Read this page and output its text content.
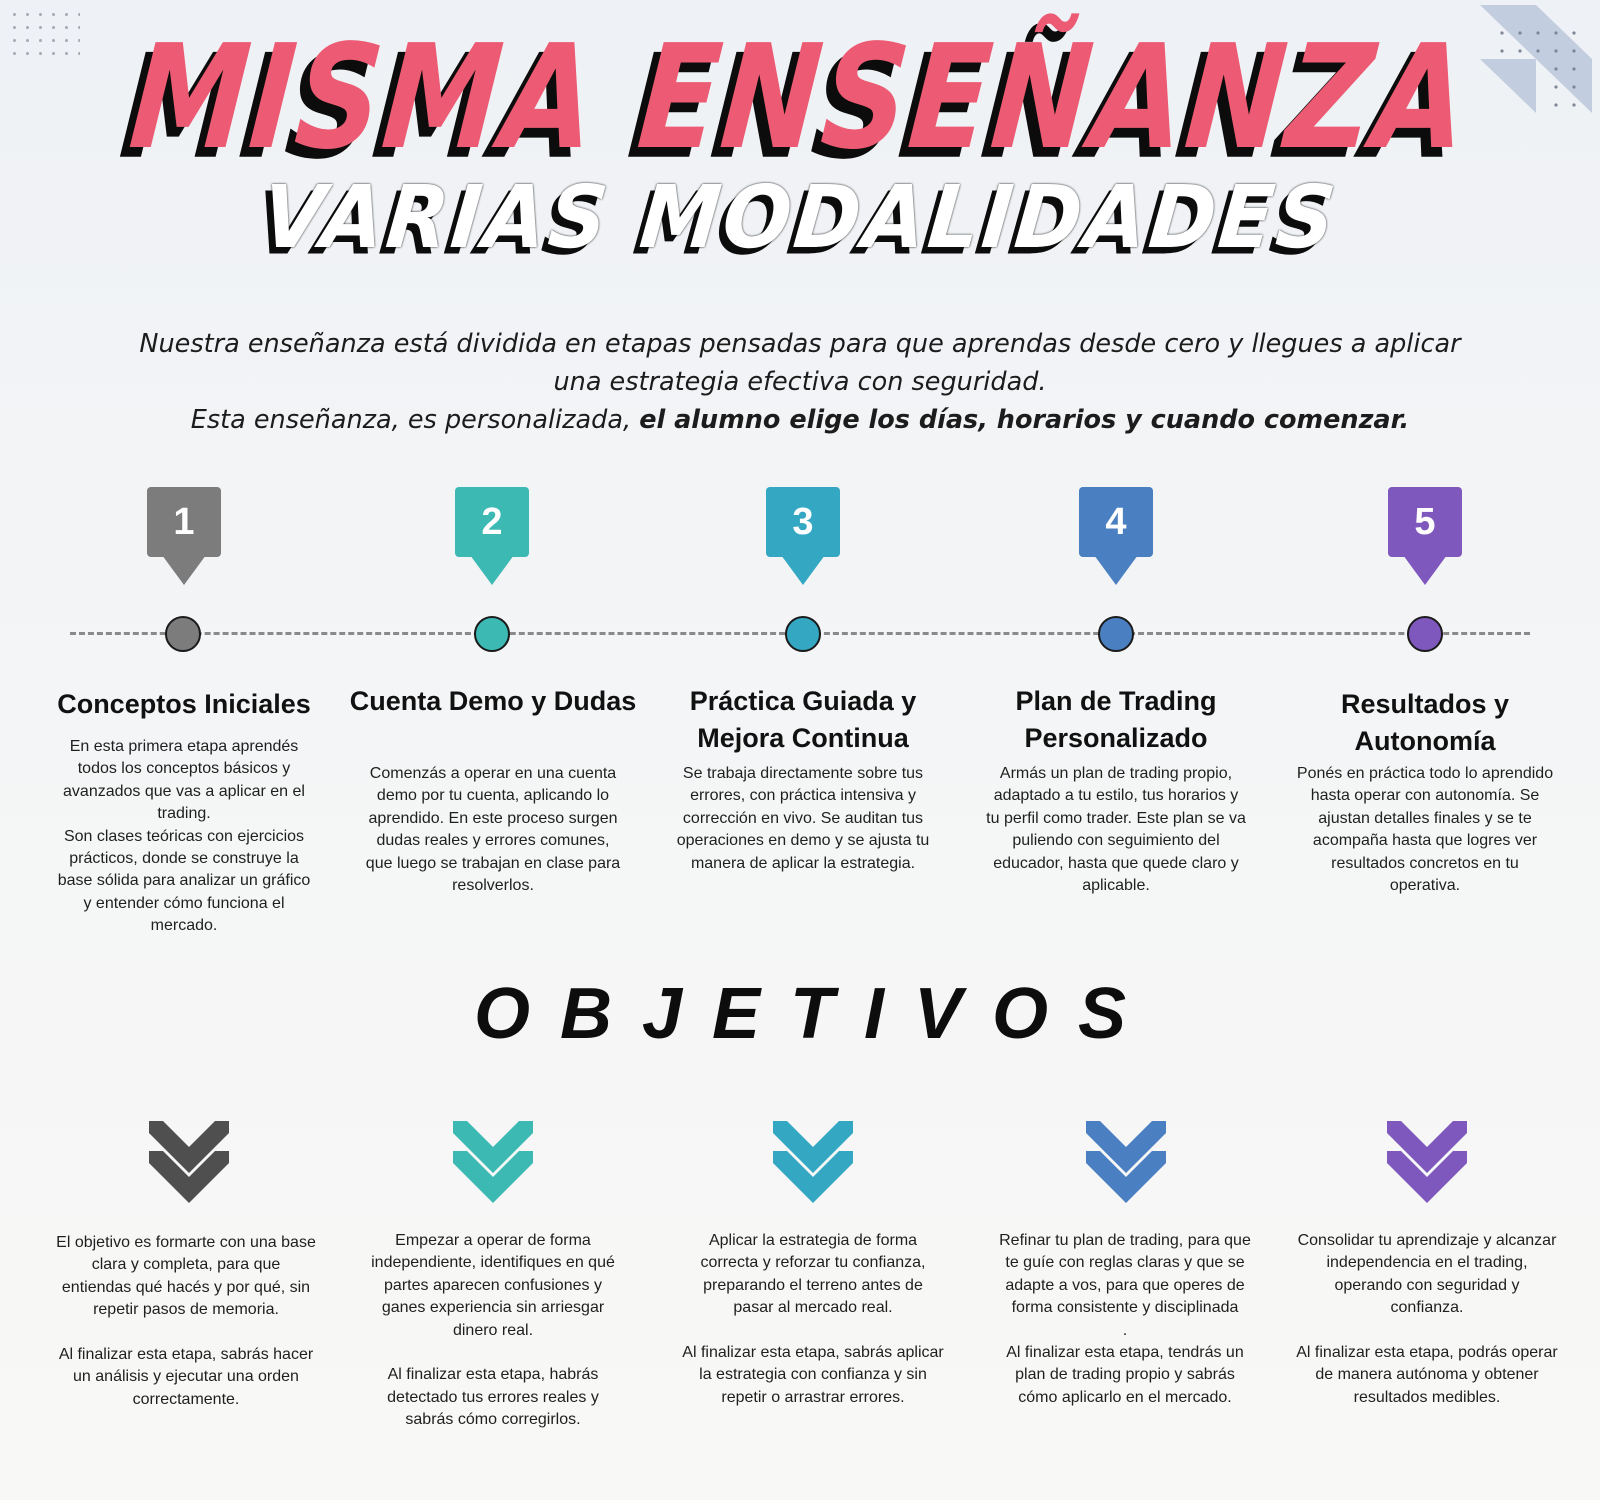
MISMA ENSEÑANZA
VARIAS MODALIDADES
Nuestra enseñanza está dividida en etapas pensadas para que aprendas desde cero y llegues a aplicar una estrategia efectiva con seguridad.
Esta enseñanza, es personalizada, el alumno elige los días, horarios y cuando comenzar.
1
Conceptos Iniciales
En esta primera etapa aprendés todos los conceptos básicos y avanzados que vas a aplicar en el trading.
Son clases teóricas con ejercicios prácticos, donde se construye la base sólida para analizar un gráfico y entender cómo funciona el mercado.
2
Cuenta Demo y Dudas
Comenzás a operar en una cuenta demo por tu cuenta, aplicando lo aprendido. En este proceso surgen dudas reales y errores comunes, que luego se trabajan en clase para resolverlos.
3
Práctica Guiada y Mejora Continua
Se trabaja directamente sobre tus errores, con práctica intensiva y corrección en vivo. Se auditan tus operaciones en demo y se ajusta tu manera de aplicar la estrategia.
4
Plan de Trading Personalizado
Armás un plan de trading propio, adaptado a tu estilo, tus horarios y tu perfil como trader. Este plan se va puliendo con seguimiento del educador, hasta que quede claro y aplicable.
5
Resultados y Autonomía
Ponés en práctica todo lo aprendido hasta operar con autonomía. Se ajustan detalles finales y se te acompaña hasta que logres ver resultados concretos en tu operativa.
OBJETIVOS
El objetivo es formarte con una base clara y completa, para que entiendas qué hacés y por qué, sin repetir pasos de memoria.

Al finalizar esta etapa, sabrás hacer un análisis y ejecutar una orden correctamente.
Empezar a operar de forma independiente, identifiques en qué partes aparecen confusiones y ganes experiencia sin arriesgar dinero real.

Al finalizar esta etapa, habrás detectado tus errores reales y sabrás cómo corregirlos.
Aplicar la estrategia de forma correcta y reforzar tu confianza, preparando el terreno antes de pasar al mercado real.

Al finalizar esta etapa, sabrás aplicar la estrategia con confianza y sin repetir o arrastrar errores.
Refinar tu plan de trading, para que te guíe con reglas claras y que se adapte a vos, para que operes de forma consistente y disciplinada
.
Al finalizar esta etapa, tendrás un plan de trading propio y sabrás cómo aplicarlo en el mercado.
Consolidar tu aprendizaje y alcanzar independencia en el trading, operando con seguridad y confianza.

Al finalizar esta etapa, podrás operar de manera autónoma y obtener resultados medibles.
